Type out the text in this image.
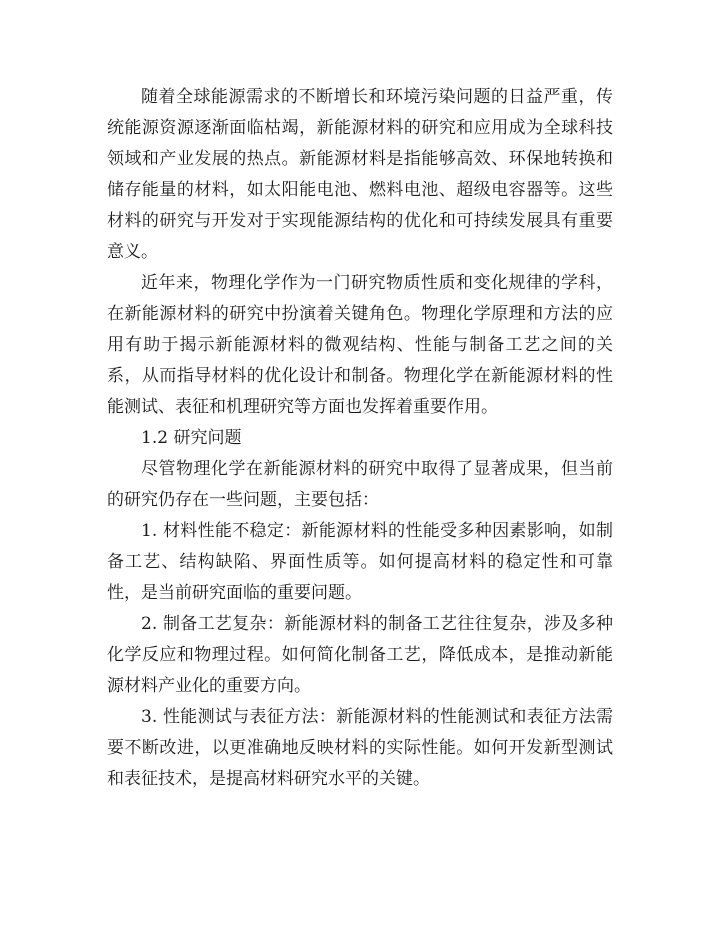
随着全球能源需求的不断增长和环境污染问题的日益严重，传统能源资源逐渐面临枯竭，新能源材料的研究和应用成为全球科技领域和产业发展的热点。新能源材料是指能够高效、环保地转换和储存能量的材料，如太阳能电池、燃料电池、超级电容器等。这些材料的研究与开发对于实现能源结构的优化和可持续发展具有重要意义。

近年来，物理化学作为一门研究物质性质和变化规律的学科，在新能源材料的研究中扮演着关键角色。物理化学原理和方法的应用有助于揭示新能源材料的微观结构、性能与制备工艺之间的关系，从而指导材料的优化设计和制备。物理化学在新能源材料的性能测试、表征和机理研究等方面也发挥着重要作用。

1.2 研究问题

尽管物理化学在新能源材料的研究中取得了显著成果，但当前的研究仍存在一些问题，主要包括：

1. 材料性能不稳定：新能源材料的性能受多种因素影响，如制备工艺、结构缺陷、界面性质等。如何提高材料的稳定性和可靠性，是当前研究面临的重要问题。

2. 制备工艺复杂：新能源材料的制备工艺往往复杂，涉及多种化学反应和物理过程。如何简化制备工艺，降低成本，是推动新能源材料产业化的重要方向。

3. 性能测试与表征方法：新能源材料的性能测试和表征方法需要不断改进，以更准确地反映材料的实际性能。如何开发新型测试和表征技术，是提高材料研究水平的关键。
